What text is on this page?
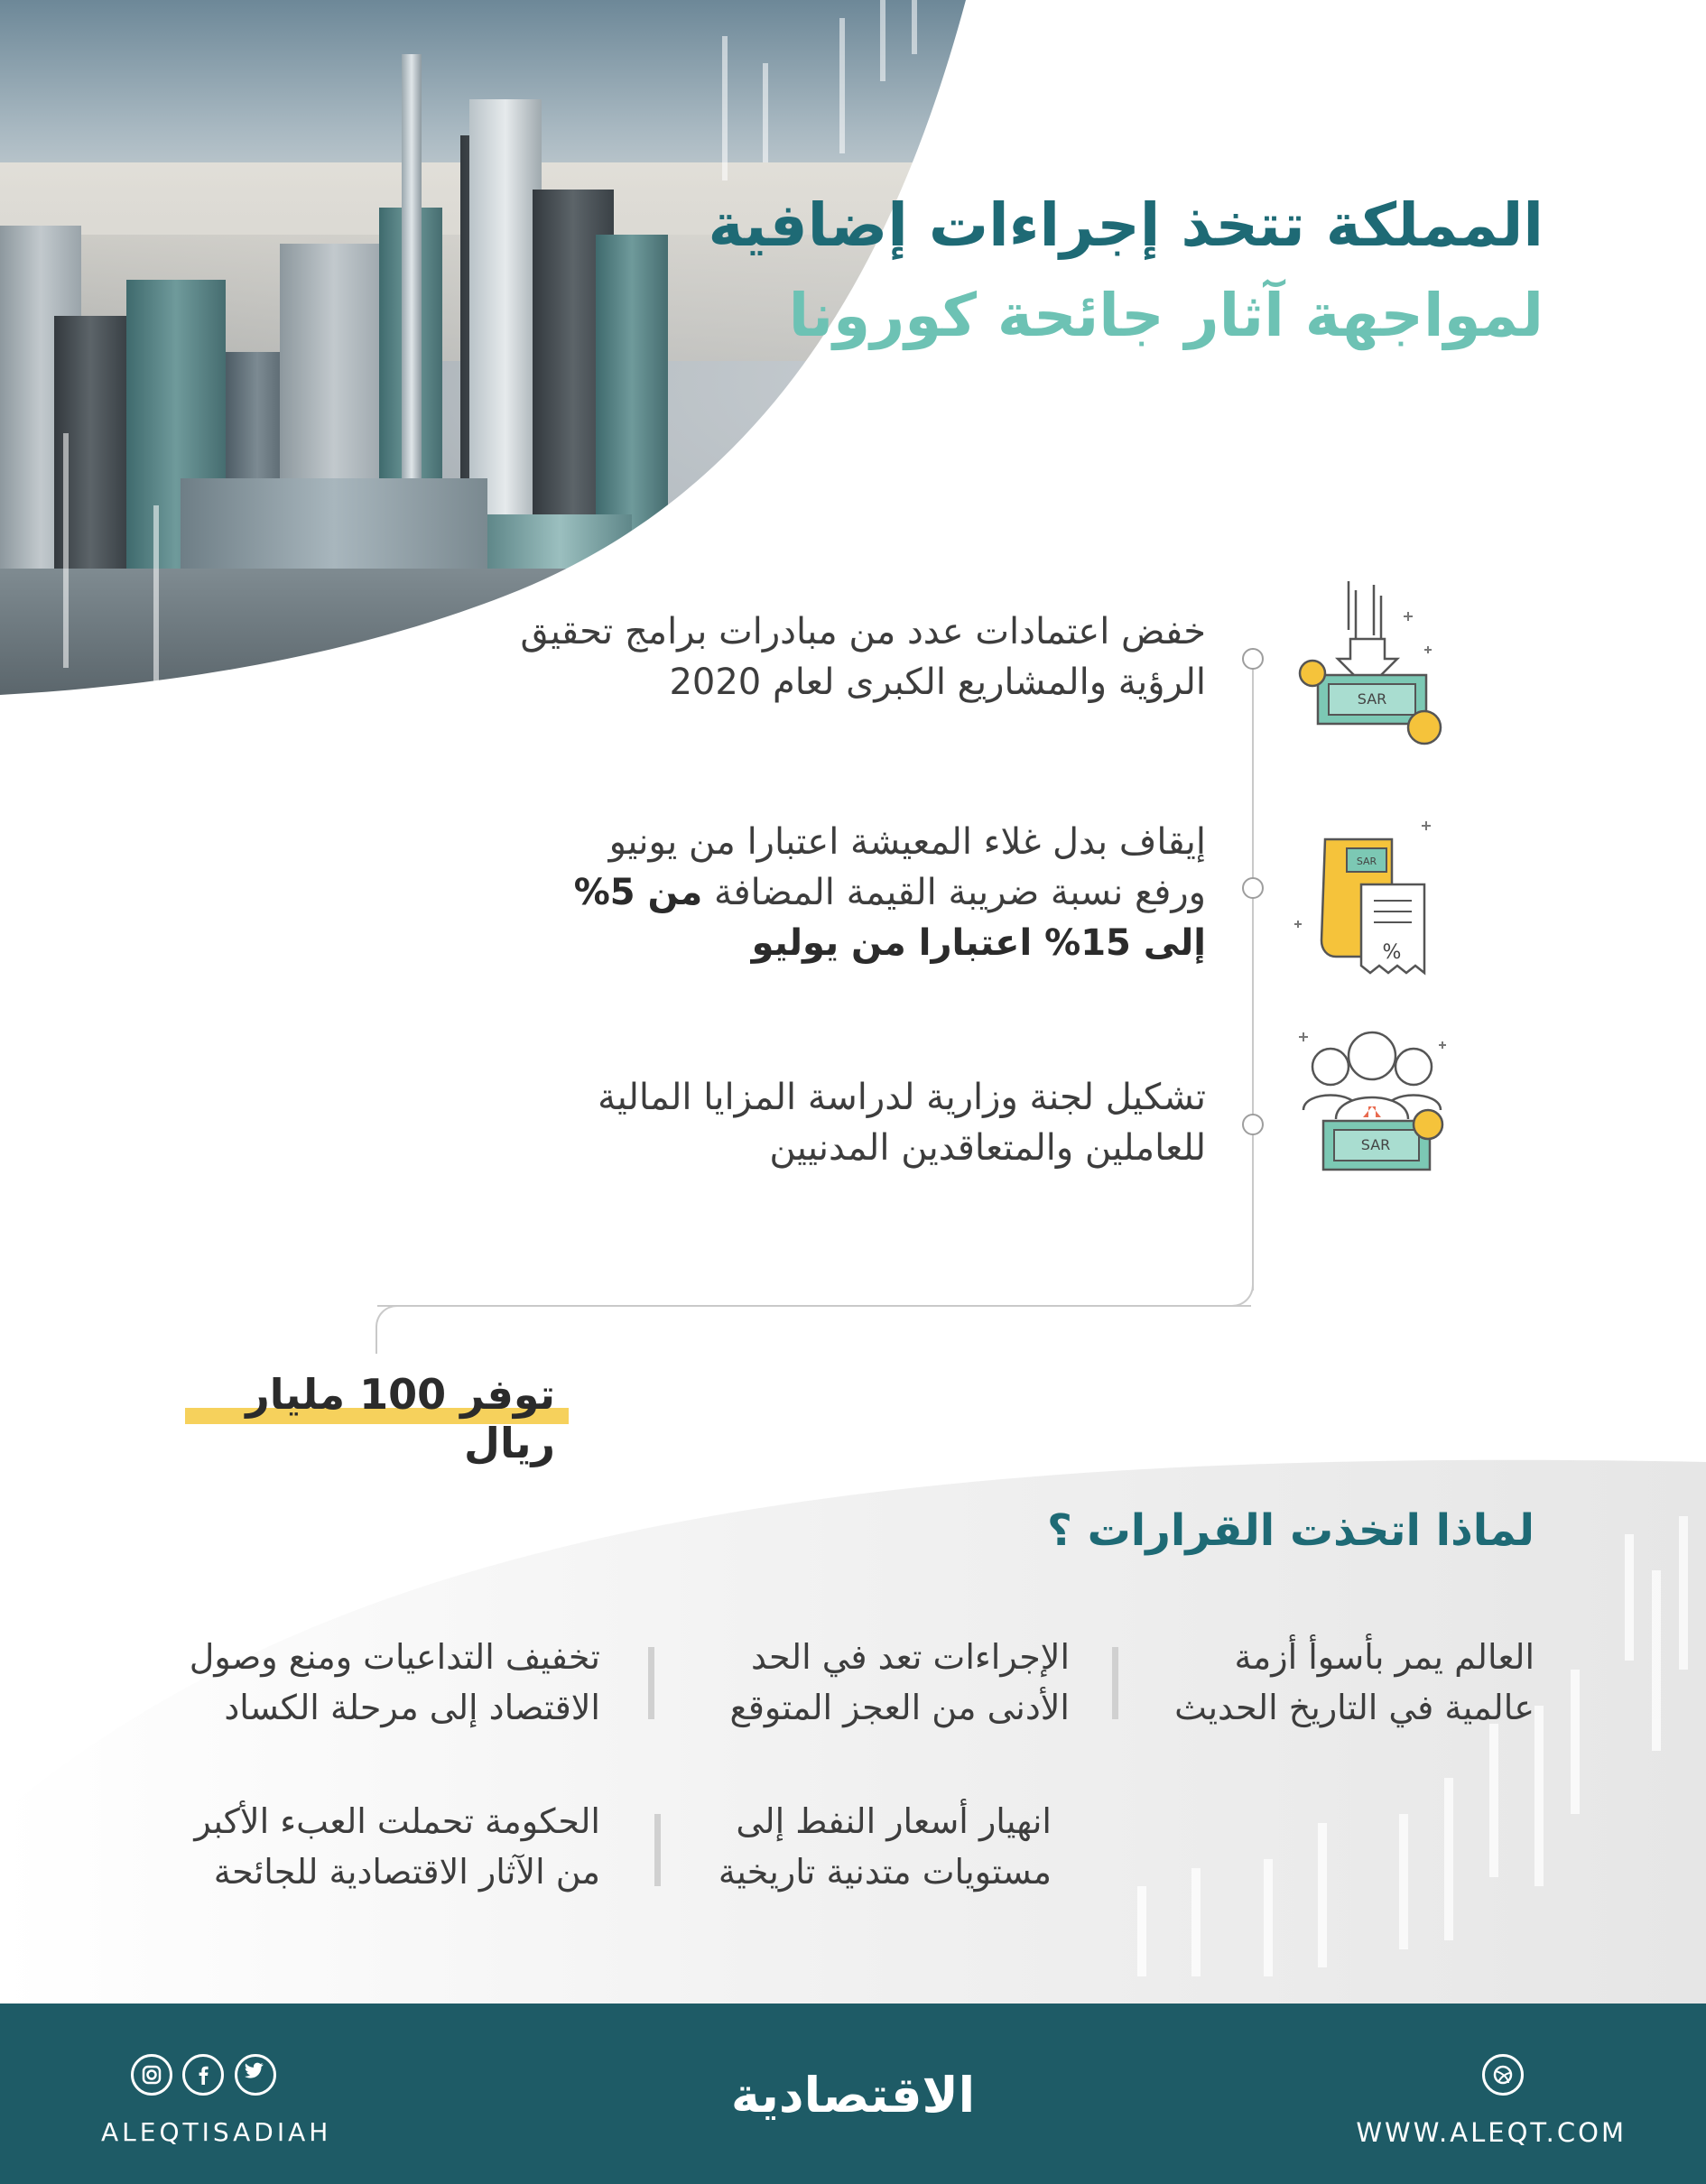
المملكة تتخذ إجراءات إضافية
لمواجهة آثار جائحة كورونا
خفض اعتمادات عدد من مبادرات برامج تحقيق
الرؤية والمشاريع الكبرى لعام 2020
إيقاف بدل غلاء المعيشة اعتبارا من يونيو
ورفع نسبة ضريبة القيمة المضافة من 5%
إلى 15% اعتبارا من يوليو
تشكيل لجنة وزارية لدراسة المزايا المالية
للعاملين والمتعاقدين المدنيين
SAR
SAR
%
SAR
توفر 100 مليار ريال
لماذا اتخذت القرارات ؟
العالم يمر بأسوأ أزمة
عالمية في التاريخ الحديث
الإجراءات تعد في الحد
الأدنى من العجز المتوقع
تخفيف التداعيات ومنع وصول
الاقتصاد إلى مرحلة الكساد
انهيار أسعار النفط إلى
مستويات متدنية تاريخية
الحكومة تحملت العبء الأكبر
من الآثار الاقتصادية للجائحة
ALEQTISADIAH
الاقتصادية
WWW.ALEQT.COM
